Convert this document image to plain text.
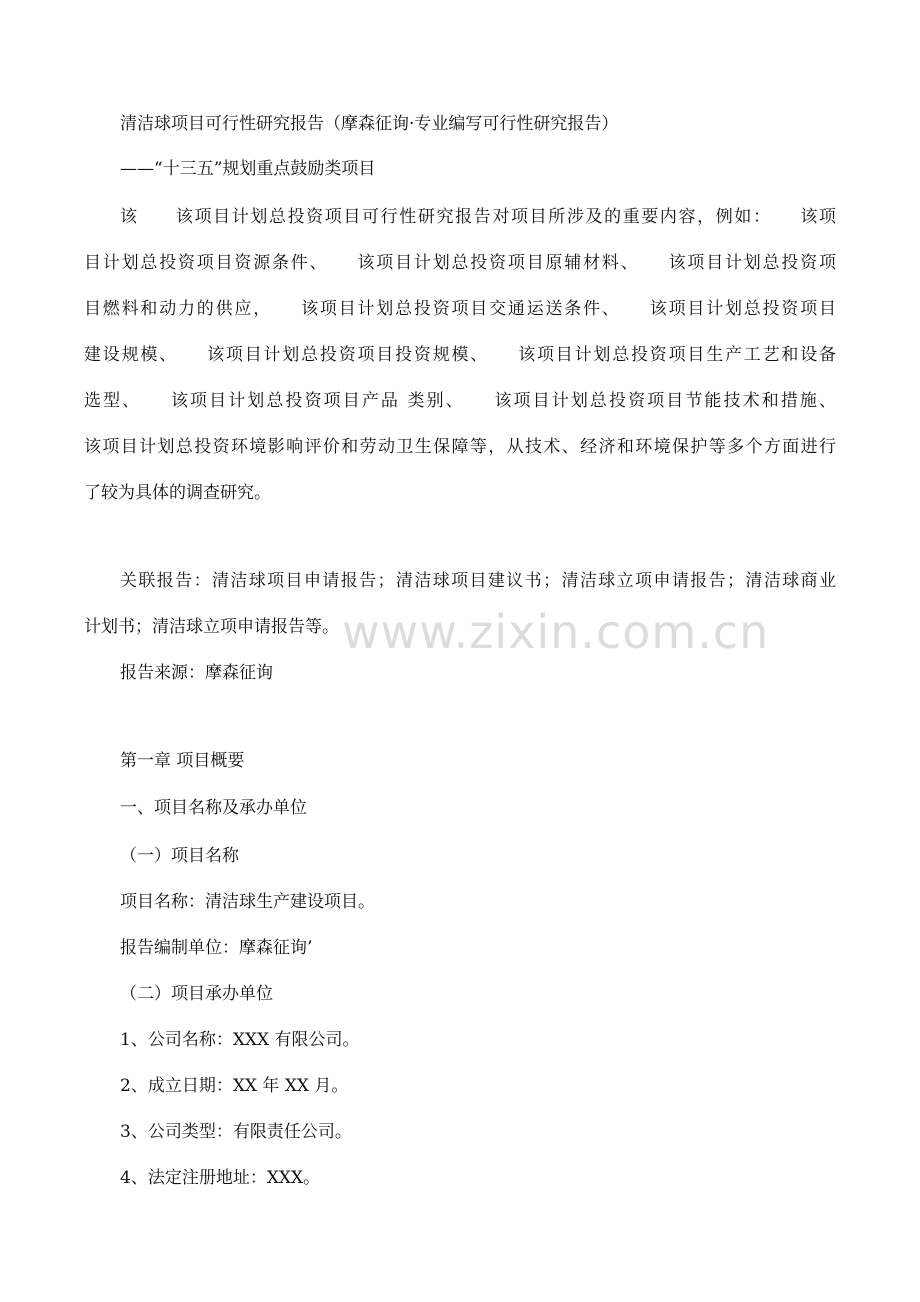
清洁球项目可行性研究报告（摩森征询·专业编写可行性研究报告）
——“十三五”规划重点鼓励类项目
该　　该项目计划总投资项目可行性研究报告对项目所涉及的重要内容，例如：　　该项
目计划总投资项目资源条件、　　该项目计划总投资项目原辅材料、　　该项目计划总投资项
目燃料和动力的供应，　　该项目计划总投资项目交通运送条件、　　该项目计划总投资项目
建设规模、　　该项目计划总投资项目投资规模、　　该项目计划总投资项目生产工艺和设备
选型、　　该项目计划总投资项目产品 类别、　　该项目计划总投资项目节能技术和措施、
该项目计划总投资环境影响评价和劳动卫生保障等，从技术、经济和环境保护等多个方面进行
了较为具体的调查研究。
关联报告：清洁球项目申请报告；清洁球项目建议书；清洁球立项申请报告；清洁球商业
计划书；清洁球立项申请报告等。 www.zixin.com.cn
报告来源：摩森征询
第一章 项目概要
一、项目名称及承办单位
（一）项目名称
项目名称：清洁球生产建设项目。
报告编制单位：摩森征询’
（二）项目承办单位
1、公司名称：XXX 有限公司。
2、成立日期：XX 年 XX 月。
3、公司类型：有限责任公司。
4、法定注册地址：XXX。
